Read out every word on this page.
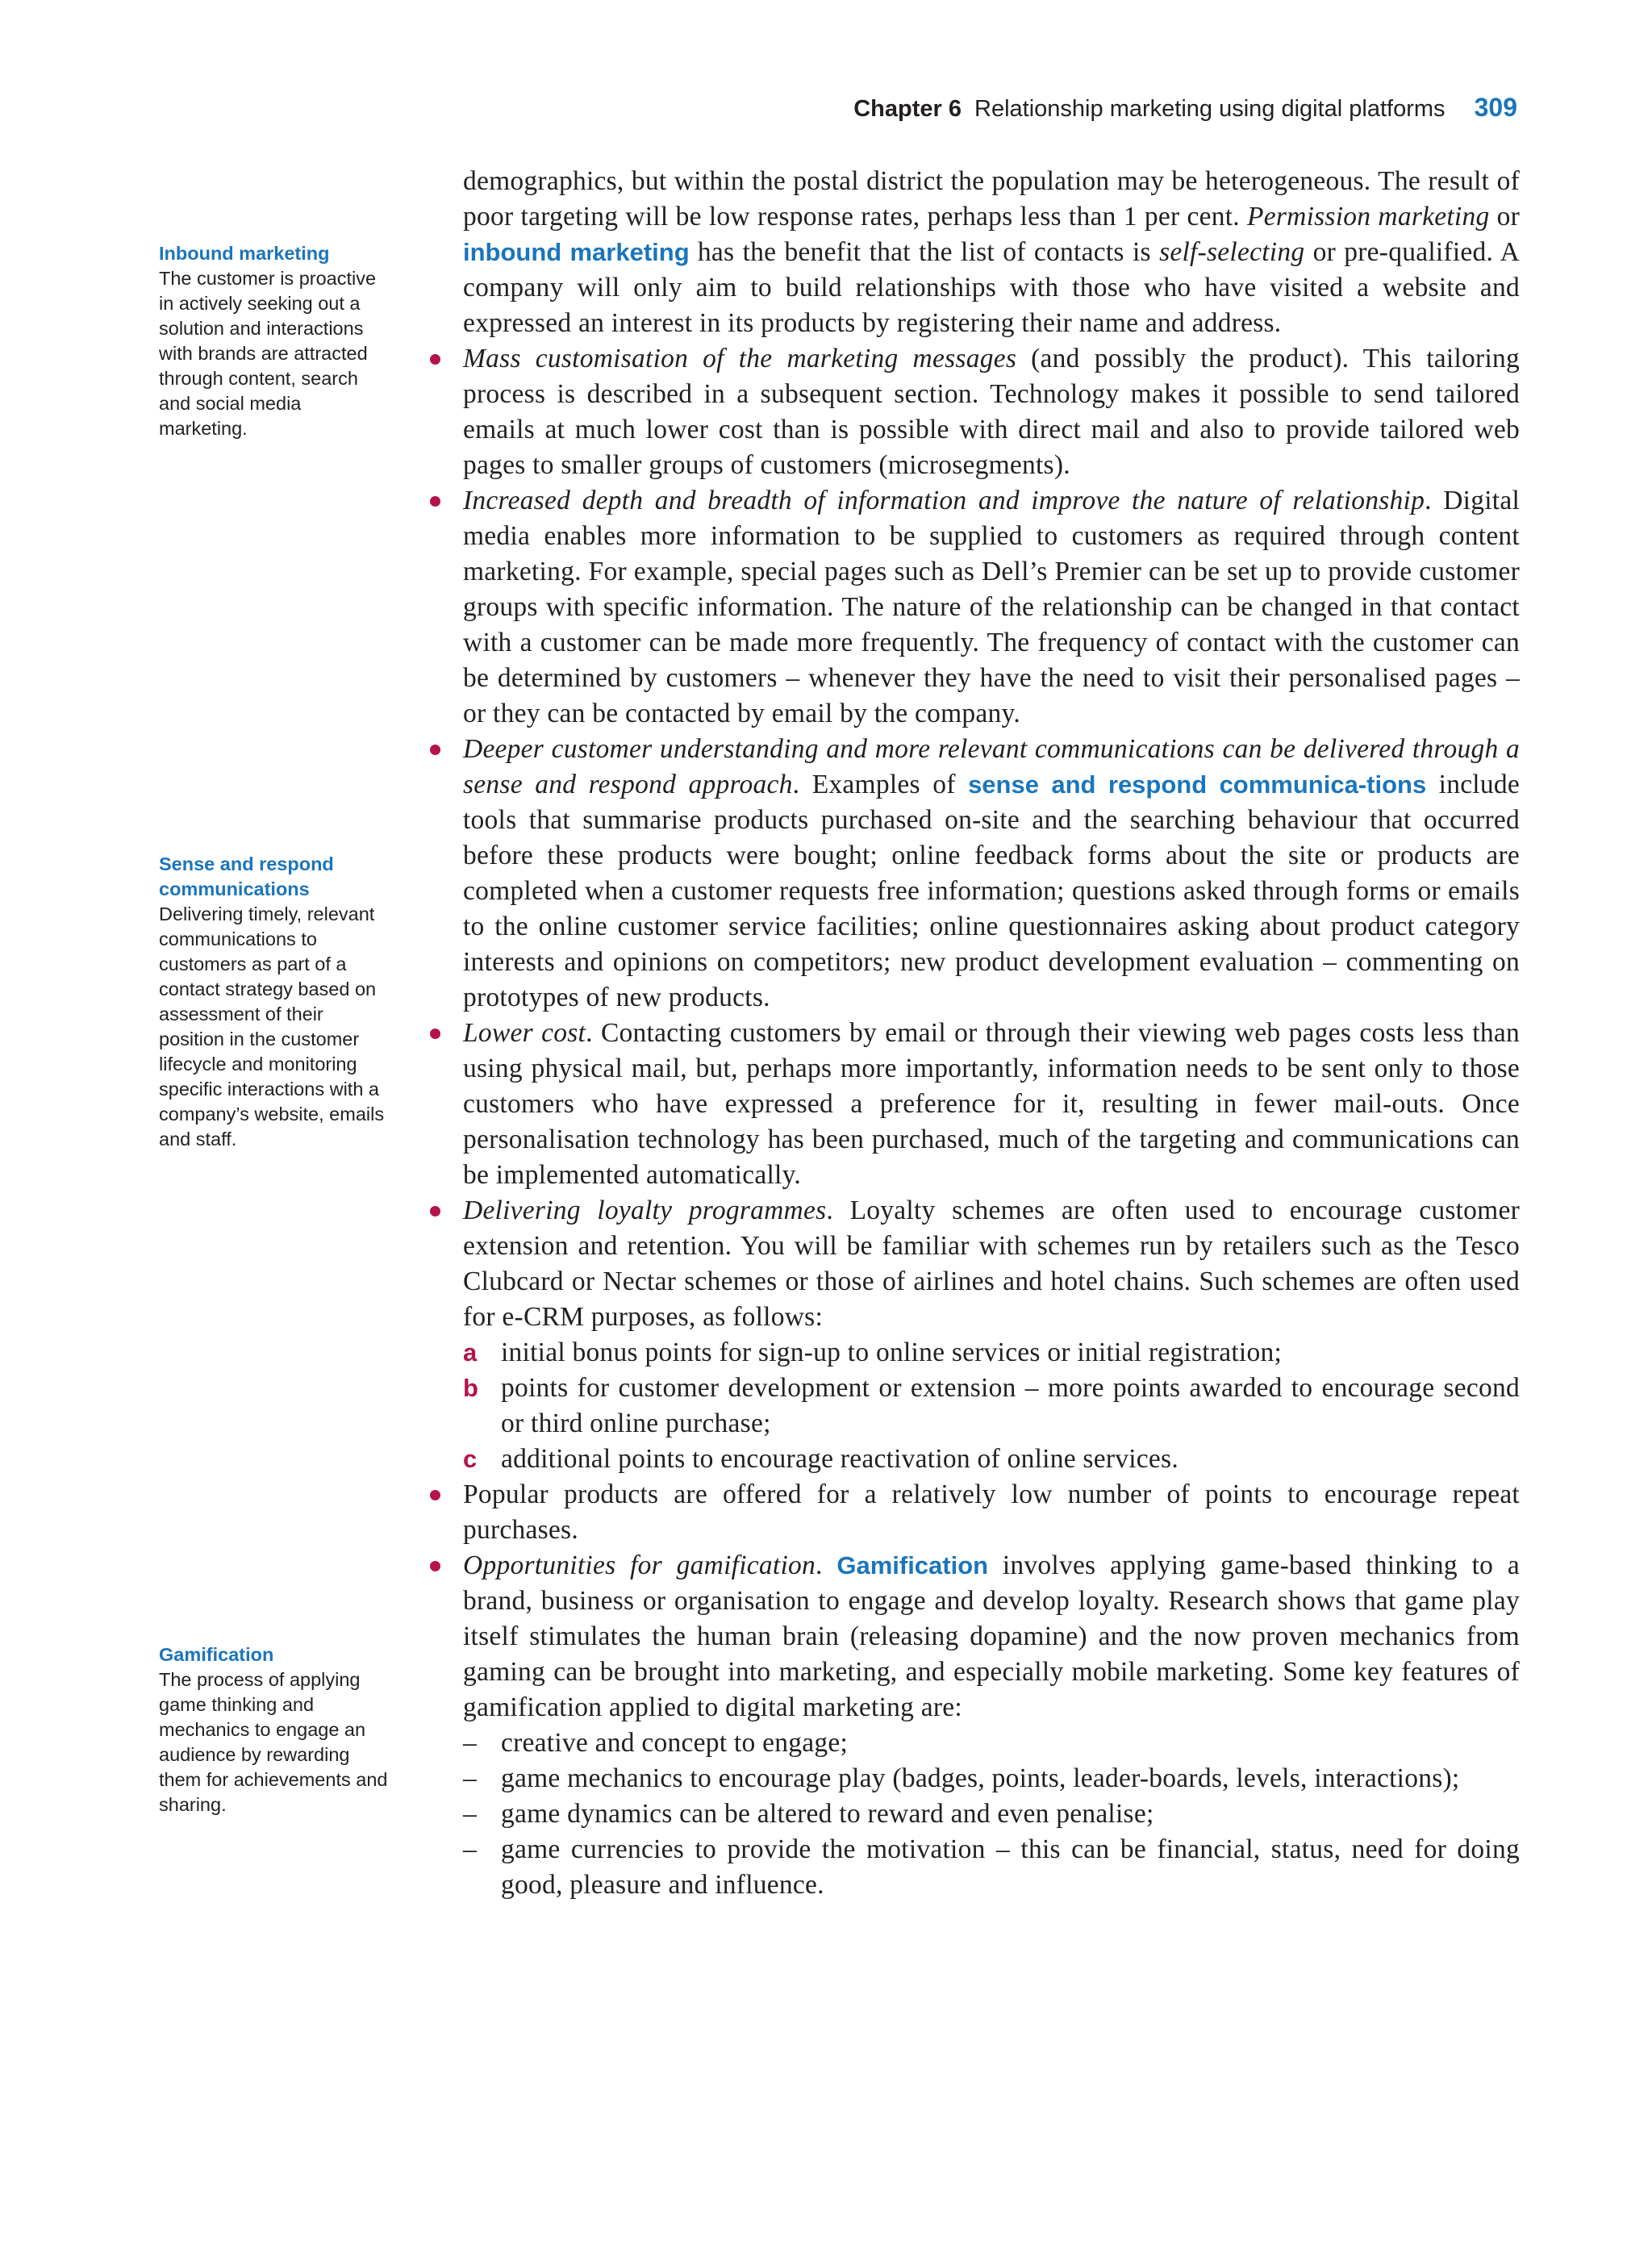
Chapter 6 Relationship marketing using digital platforms 309
Inbound marketing
The customer is proactive in actively seeking out a solution and interactions with brands are attracted through content, search and social media marketing.
Sense and respond communications
Delivering timely, relevant communications to customers as part of a contact strategy based on assessment of their position in the customer lifecycle and monitoring specific interactions with a company’s website, emails and staff.
Gamification
The process of applying game thinking and mechanics to engage an audience by rewarding them for achievements and sharing.

demographics, but within the postal district the population may be heterogeneous. The result of poor targeting will be low response rates, perhaps less than 1 per cent. Permission marketing or inbound marketing has the benefit that the list of contacts is self-selecting or pre-qualified. A company will only aim to build relationships with those who have visited a website and expressed an interest in its products by registering their name and address.

Mass customisation of the marketing messages (and possibly the product). This tailoring process is described in a subsequent section. Technology makes it possible to send tailored emails at much lower cost than is possible with direct mail and also to provide tailored web pages to smaller groups of customers (microsegments).

Increased depth and breadth of information and improve the nature of relationship. Digital media enables more information to be supplied to customers as required through content marketing. For example, special pages such as Dell’s Premier can be set up to provide customer groups with specific information. The nature of the relationship can be changed in that contact with a customer can be made more frequently. The frequency of contact with the customer can be determined by customers – whenever they have the need to visit their personalised pages – or they can be contacted by email by the company.

Deeper customer understanding and more relevant communications can be delivered through a sense and respond approach. Examples of sense and respond communica-tions include tools that summarise products purchased on-site and the searching behaviour that occurred before these products were bought; online feedback forms about the site or products are completed when a customer requests free information; questions asked through forms or emails to the online customer service facilities; online questionnaires asking about product category interests and opinions on competitors; new product development evaluation – commenting on prototypes of new products.

Lower cost. Contacting customers by email or through their viewing web pages costs less than using physical mail, but, perhaps more importantly, information needs to be sent only to those customers who have expressed a preference for it, resulting in fewer mail-outs. Once personalisation technology has been purchased, much of the targeting and communications can be implemented automatically.

Delivering loyalty programmes. Loyalty schemes are often used to encourage customer extension and retention. You will be familiar with schemes run by retailers such as the Tesco Clubcard or Nectar schemes or those of airlines and hotel chains. Such schemes are often used for e-CRM purposes, as follows:

a initial bonus points for sign-up to online services or initial registration;

b points for customer development or extension – more points awarded to encourage second or third online purchase;

c additional points to encourage reactivation of online services.

Popular products are offered for a relatively low number of points to encourage repeat purchases.

Opportunities for gamification. Gamification involves applying game-based thinking to a brand, business or organisation to engage and develop loyalty. Research shows that game play itself stimulates the human brain (releasing dopamine) and the now proven mechanics from gaming can be brought into marketing, and especially mobile marketing. Some key features of gamification applied to digital marketing are:

– creative and concept to engage;

– game mechanics to encourage play (badges, points, leader-boards, levels, interactions);

– game dynamics can be altered to reward and even penalise;

– game currencies to provide the motivation – this can be financial, status, need for doing good, pleasure and influence.
